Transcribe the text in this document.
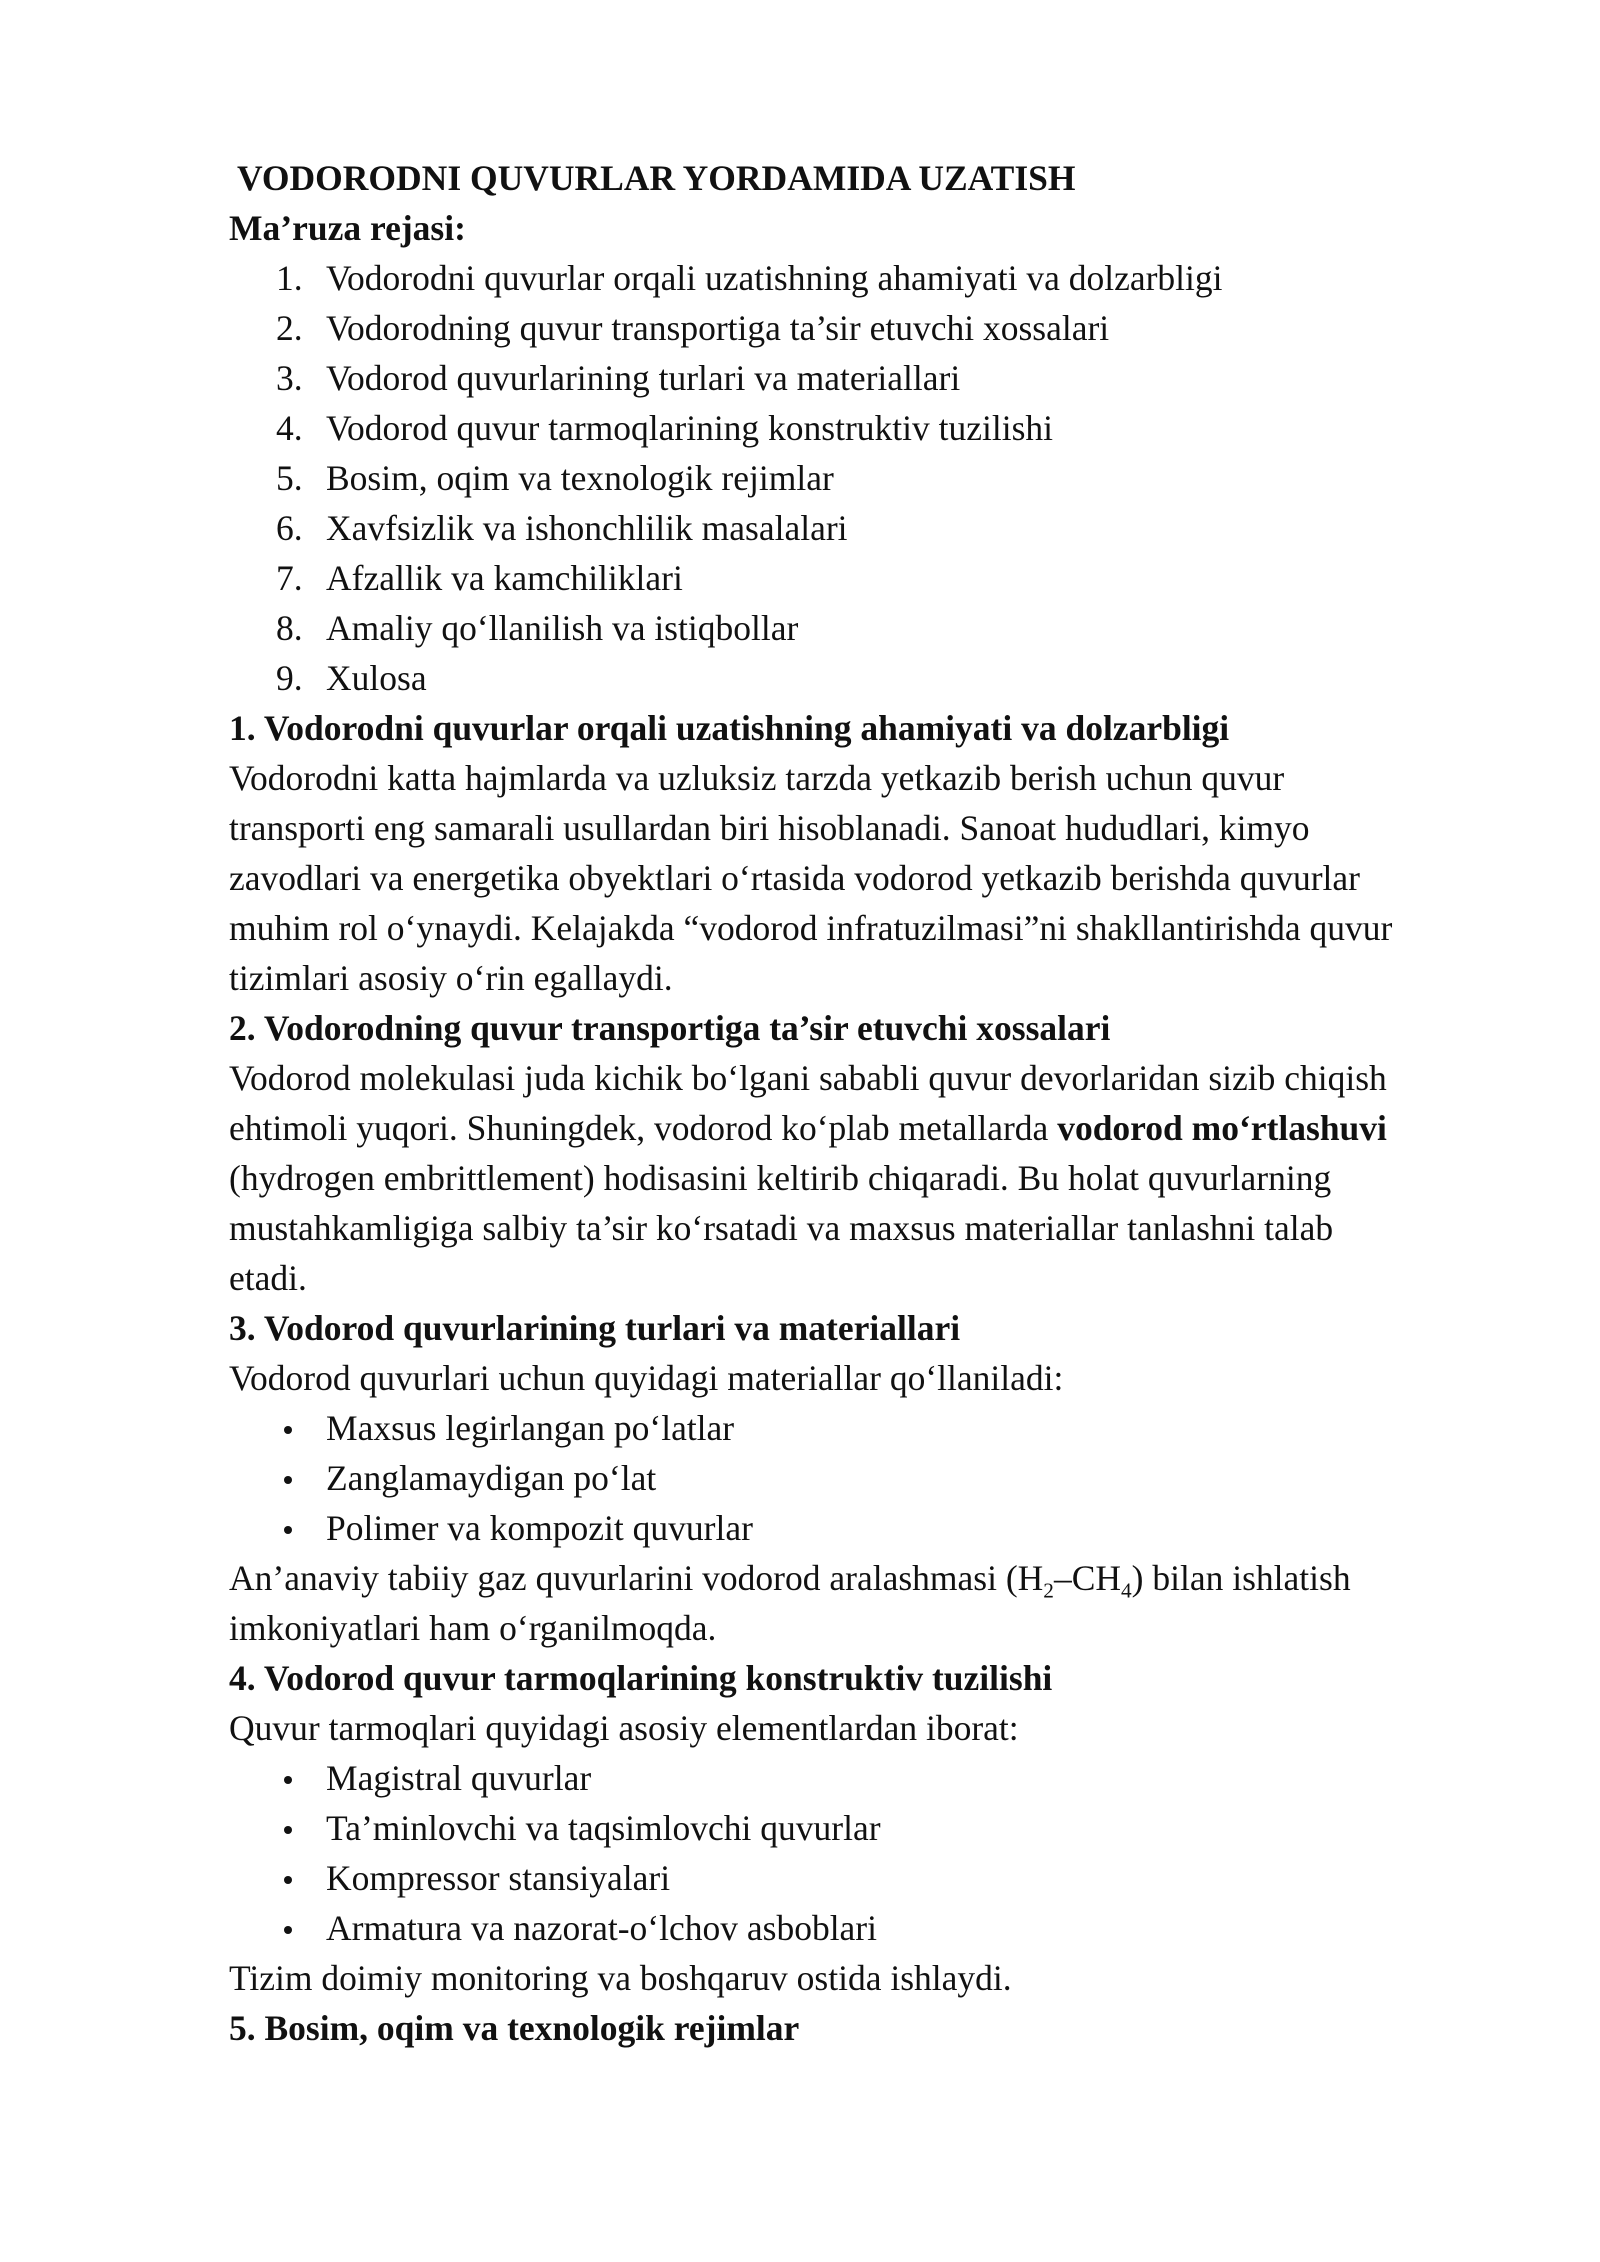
VODORODNI QUVURLAR YORDAMIDA UZATISH
Ma’ruza rejasi:
1. Vodorodni quvurlar orqali uzatishning ahamiyati va dolzarbligi
2. Vodorodning quvur transportiga ta’sir etuvchi xossalari
3. Vodorod quvurlarining turlari va materiallari
4. Vodorod quvur tarmoqlarining konstruktiv tuzilishi
5. Bosim, oqim va texnologik rejimlar
6. Xavfsizlik va ishonchlilik masalalari
7. Afzallik va kamchiliklari
8. Amaliy qo‘llanilish va istiqbollar
9. Xulosa
1. Vodorodni quvurlar orqali uzatishning ahamiyati va dolzarbligi
Vodorodni katta hajmlarda va uzluksiz tarzda yetkazib berish uchun quvur
transporti eng samarali usullardan biri hisoblanadi. Sanoat hududlari, kimyo
zavodlari va energetika obyektlari o‘rtasida vodorod yetkazib berishda quvurlar
muhim rol o‘ynaydi. Kelajakda “vodorod infratuzilmasi”ni shakllantirishda quvur
tizimlari asosiy o‘rin egallaydi.
2. Vodorodning quvur transportiga ta’sir etuvchi xossalari
Vodorod molekulasi juda kichik bo‘lgani sababli quvur devorlaridan sizib chiqish
ehtimoli yuqori. Shuningdek, vodorod ko‘plab metallarda vodorod mo‘rtlashuvi
(hydrogen embrittlement) hodisasini keltirib chiqaradi. Bu holat quvurlarning
mustahkamligiga salbiy ta’sir ko‘rsatadi va maxsus materiallar tanlashni talab
etadi.
3. Vodorod quvurlarining turlari va materiallari
Vodorod quvurlari uchun quyidagi materiallar qo‘llaniladi:
Maxsus legirlangan po‘latlar
Zanglamaydigan po‘lat
Polimer va kompozit quvurlar
An’anaviy tabiiy gaz quvurlarini vodorod aralashmasi $(H_2-CH_4)$ bilan ishlatish
imkoniyatlari ham o‘rganilmoqda.
4. Vodorod quvur tarmoqlarining konstruktiv tuzilishi
Quvur tarmoqlari quyidagi asosiy elementlardan iborat:
Magistral quvurlar
Ta’minlovchi va taqsimlovchi quvurlar
Kompressor stansiyalari
Armatura va nazorat-o‘lchov asboblari
Tizim doimiy monitoring va boshqaruv ostida ishlaydi.
5. Bosim, oqim va texnologik rejimlar
